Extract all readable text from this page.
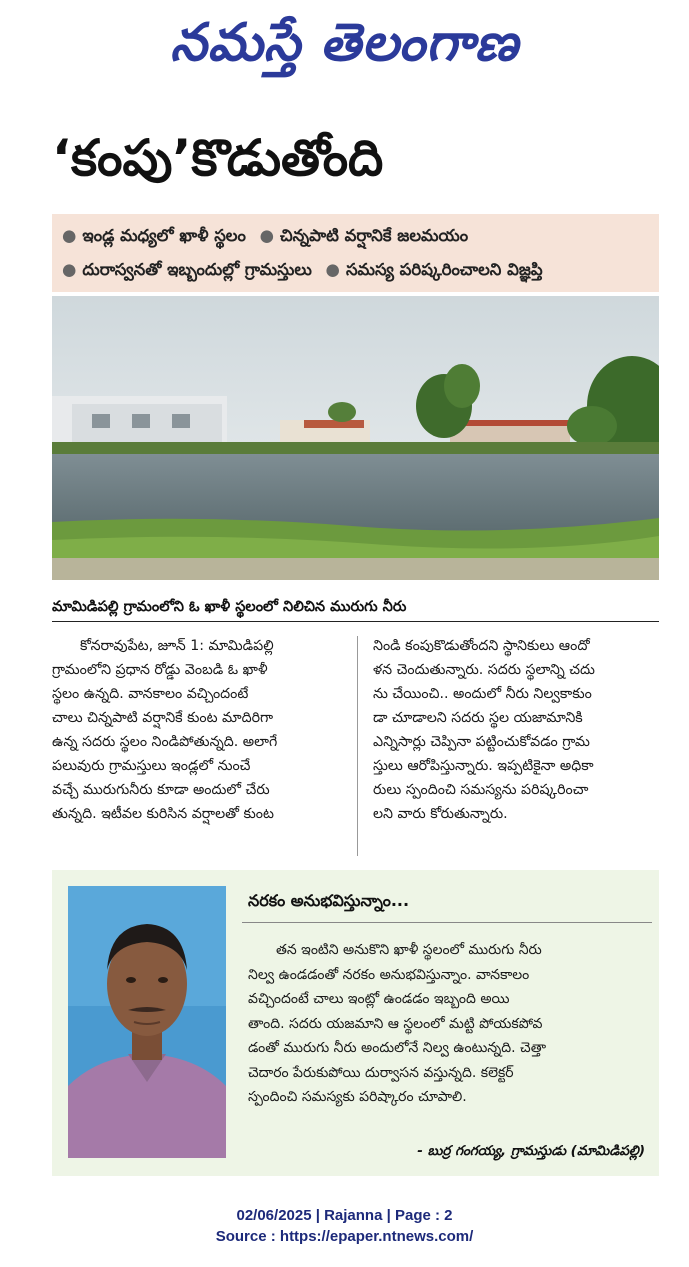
నమస్తే తెలంగాణ
‘కంపు’కొడుతోంది
● ఇండ్ల మధ్యలో ఖాళీ స్థలం ● చిన్నపాటి వర్షానికే జలమయం
● దురాస్వనతో ఇబ్బందుల్లో గ్రామస్తులు ● సమస్య పరిష్కరించాలని విజ్ఞప్తి
మామిడిపల్లి గ్రామంలోని ఓ ఖాళీ స్థలంలో నిలిచిన మురుగు నీరు
కోనరావుపేట, జూన్ 1: మామిడిపల్లి
గ్రామంలోని ప్రధాన రోడ్డు వెంబడి ఓ ఖాళీ
స్థలం ఉన్నది. వానకాలం వచ్చిందంటే
చాలు చిన్నపాటి వర్షానికే కుంట మాదిరిగా
ఉన్న సదరు స్థలం నిండిపోతున్నది. అలాగే
పలువురు గ్రామస్తులు ఇండ్లలో నుంచే
వచ్చే మురుగునీరు కూడా అందులో చేరు
తున్నది. ఇటీవల కురిసిన వర్షాలతో కుంట
నిండి కంపుకొడుతోందని స్థానికులు ఆందో
ళన చెందుతున్నారు. సదరు స్థలాన్ని చదు
ను చేయించి.. అందులో నీరు నిల్వకాకుం
డా చూడాలని సదరు స్థల యజామానికి
ఎన్నిసార్లు చెప్పినా పట్టించుకోవడం గ్రామ
స్తులు ఆరోపిస్తున్నారు. ఇప్పటికైనా అధికా
రులు స్పందించి సమస్యను పరిష్కరించా
లని వారు కోరుతున్నారు.
నరకం అనుభవిస్తున్నాం...
తన ఇంటిని అనుకొని ఖాళీ స్థలంలో మురుగు నీరు
నిల్వ ఉండడంతో నరకం అనుభవిస్తున్నాం. వానకాలం
వచ్చిందంటే చాలు ఇంట్లో ఉండడం ఇబ్బంది అయి
తాంది. సదరు యజమాని ఆ స్థలంలో మట్టి పోయకపోవ
డంతో మురుగు నీరు అందులోనే నిల్వ ఉంటున్నది. చెత్తా
చెదారం పేరుకుపోయి దుర్వాసన వస్తున్నది. కలెక్టర్
స్పందించి సమస్యకు పరిష్కారం చూపాలి.
- బుర్ర గంగయ్య, గ్రామస్తుడు (మామిడిపల్లి)
02/06/2025 | Rajanna | Page : 2
Source : https://epaper.ntnews.com/
